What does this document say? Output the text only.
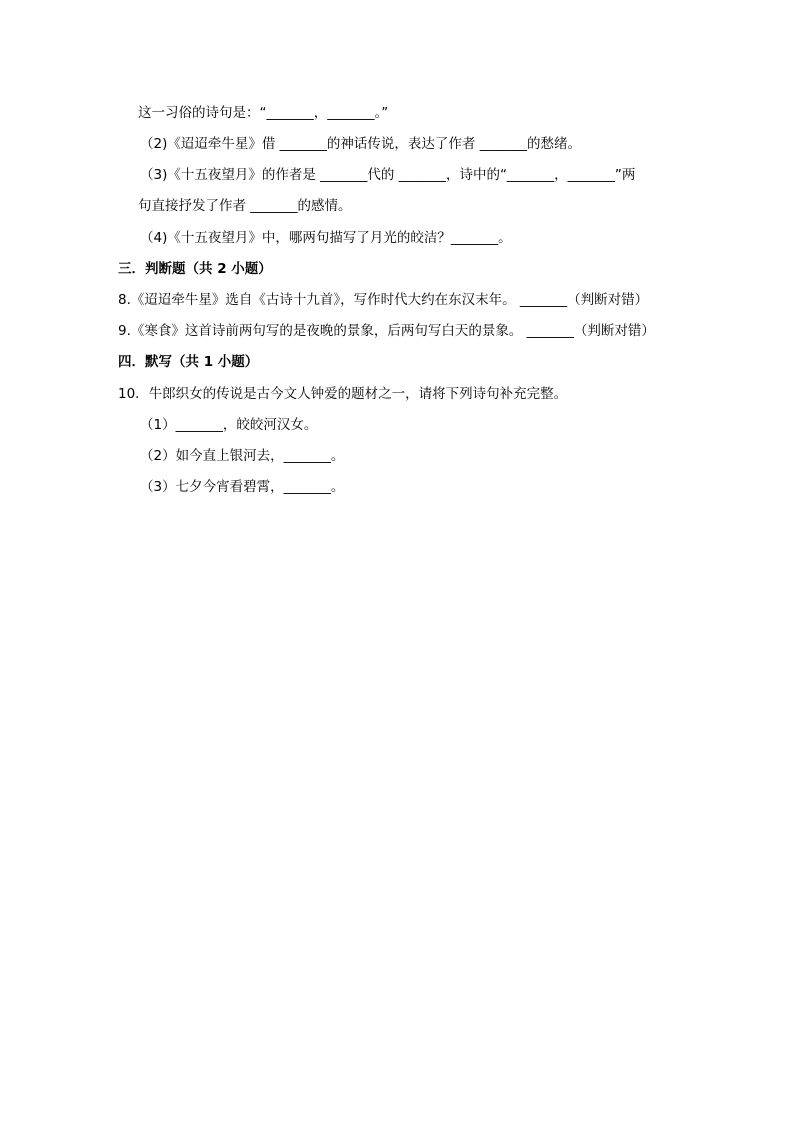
这一习俗的诗句是：“_______，_______。”
（2)《迢迢牵牛星》借 _______的神话传说，表达了作者 _______的愁绪。
（3)《十五夜望月》的作者是 _______代的 _______，诗中的“_______，_______”两
句直接抒发了作者 _______的感情。
（4)《十五夜望月》中，哪两句描写了月光的皎洁？_______。
三．判断题（共 2 小题）
8.《迢迢牵牛星》选自《古诗十九首》，写作时代大约在东汉末年。 _______（判断对错）
9.《寒食》这首诗前两句写的是夜晚的景象，后两句写白天的景象。 _______（判断对错）
四．默写（共 1 小题）
10．牛郎织女的传说是古今文人钟爱的题材之一，请将下列诗句补充完整。
（1）_______，皎皎河汉女。
（2）如今直上银河去，_______。
（3）七夕今宵看碧霄，_______。
